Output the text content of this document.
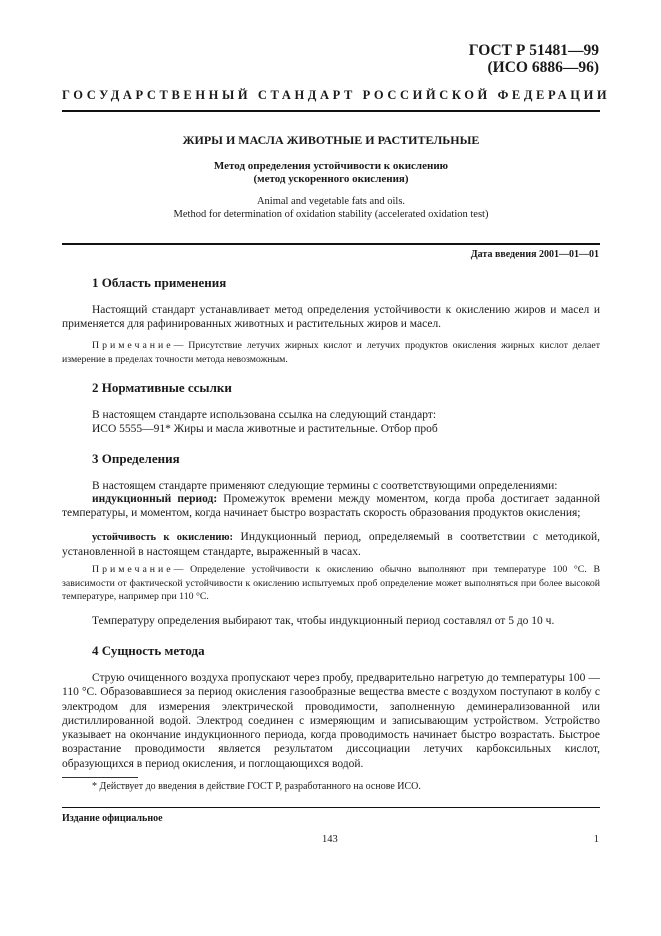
ГОСТ Р 51481—99
(ИСО 6886—96)
ГОСУДАРСТВЕННЫЙ СТАНДАРТ РОССИЙСКОЙ ФЕДЕРАЦИИ
ЖИРЫ И МАСЛА ЖИВОТНЫЕ И РАСТИТЕЛЬНЫЕ
Метод определения устойчивости к окислению
(метод ускоренного окисления)
Animal and vegetable fats and oils.
Method for determination of oxidation stability (accelerated oxidation test)
Дата введения 2001—01—01
1 Область применения
Настоящий стандарт устанавливает метод определения устойчивости к окислению жиров и масел и применяется для рафинированных животных и растительных жиров и масел.
Примечание— Присутствие летучих жирных кислот и летучих продуктов окисления жирных кислот делает измерение в пределах точности метода невозможным.
2 Нормативные ссылки
В настоящем стандарте использована ссылка на следующий стандарт:
ИСО 5555—91* Жиры и масла животные и растительные. Отбор проб
3 Определения
В настоящем стандарте применяют следующие термины с соответствующими определениями:
индукционный период: Промежуток времени между моментом, когда проба достигает заданной температуры, и моментом, когда начинает быстро возрастать скорость образования продуктов окисления;
устойчивость к окислению: Индукционный период, определяемый в соответствии с методикой, установленной в настоящем стандарте, выраженный в часах.
Примечание— Определение устойчивости к окислению обычно выполняют при температуре 100 °С. В зависимости от фактической устойчивости к окислению испытуемых проб определение может выполняться при более высокой температуре, например при 110 °С.
Температуру определения выбирают так, чтобы индукционный период составлял от 5 до 10 ч.
4 Сущность метода
Струю очищенного воздуха пропускают через пробу, предварительно нагретую до температуры 100 — 110 °С. Образовавшиеся за период окисления газообразные вещества вместе с воздухом поступают в колбу с электродом для измерения электрической проводимости, заполненную деминерализованной или дистиллированной водой. Электрод соединен с измеряющим и записывающим устройством. Устройство указывает на окончание индукционного периода, когда проводимость начинает быстро возрастать. Быстрое возрастание проводимости является результатом диссоциации летучих карбоксильных кислот, образующихся в период окисления, и поглощающихся водой.
* Действует до введения в действие ГОСТ Р, разработанного на основе ИСО.
Издание официальное
143	1
